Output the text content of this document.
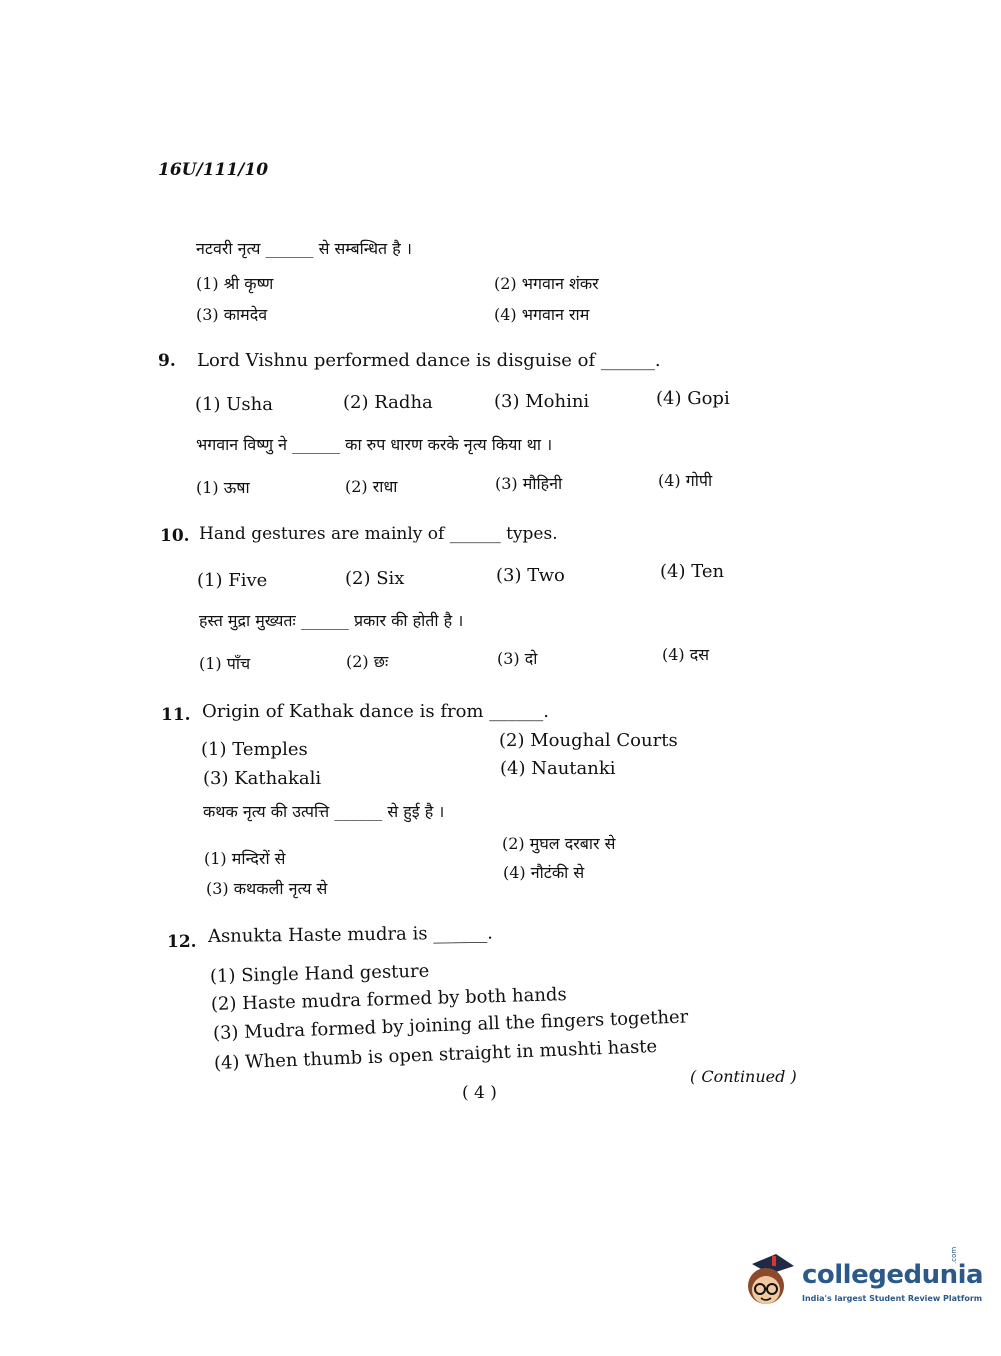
16U/111/10
नटवरी नृत्य ______ से सम्बन्धित है ।
(1) श्री कृष्ण	(2) भगवान शंकर
(3) कामदेव	(4) भगवान राम
9. Lord Vishnu performed dance is disguise of ______.
(1) Usha	(2) Radha	(3) Mohini	(4) Gopi
भगवान विष्णु ने ______ का रुप धारण करके नृत्य किया था ।
(1) ऊषा	(2) राधा	(3) मौहिनी	(4) गोपी
10. Hand gestures are mainly of ______ types.
(1) Five	(2) Six	(3) Two	(4) Ten
हस्त मुद्रा मुख्यतः ______ प्रकार की होती है ।
(1) पाँच	(2) छः	(3) दो	(4) दस
11. Origin of Kathak dance is from ______.
(1) Temples	(2) Moughal Courts
(3) Kathakali	(4) Nautanki
कथक नृत्य की उत्पत्ति ______ से हुई है ।
(1) मन्दिरों से
(2) मुघल दरबार से
(3) कथकली नृत्य से
(4) नौटंकी से
12. Asnukta Haste mudra is ______.
(1) Single Hand gesture
(2) Haste mudra formed by both hands
(3) Mudra formed by joining all the fingers together
(4) When thumb is open straight in mushti haste
( Continued )
( 4 )
collegedunia
.com
India's largest Student Review Platform
